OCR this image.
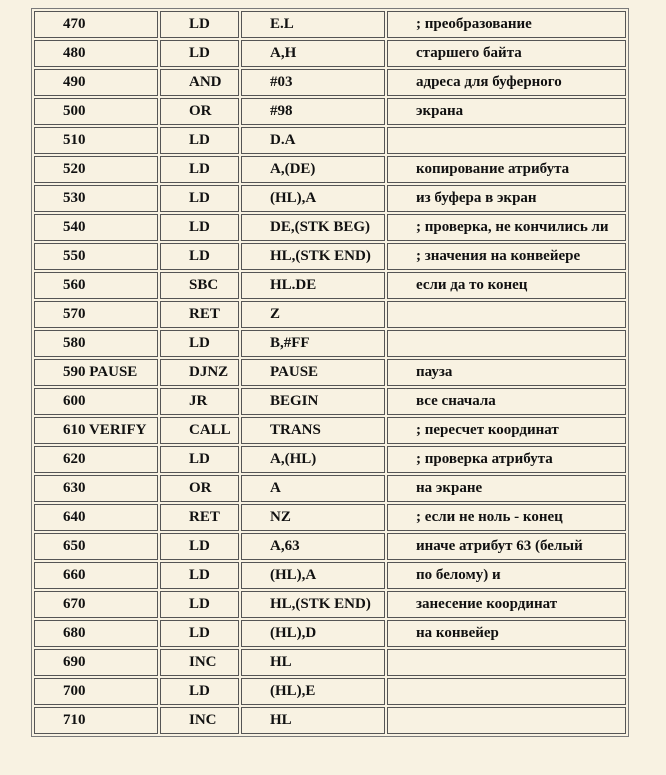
470	LD	E.L	; преобразование
480	LD	A,H	старшего байта
490	AND	#03	адреса для буферного
500	OR	#98	экрана
510	LD	D.A	
520	LD	A,(DE)	копирование атрибута
530	LD	(HL),A	из буфера в экран
540	LD	DE,(STK BEG)	; проверка, не кончились ли
550	LD	HL,(STK END)	; значения на конвейере
560	SBC	HL.DE	если да то конец
570	RET	Z	
580	LD	B,#FF	
590 PAUSE	DJNZ	PAUSE	пауза
600	JR	BEGIN	все сначала
610 VERIFY	CALL	TRANS	; пересчет координат
620	LD	A,(HL)	; проверка атрибута
630	OR	A	на экране
640	RET	NZ	; если не ноль - конец
650	LD	A,63	иначе атрибут 63 (белый
660	LD	(HL),A	по белому) и
670	LD	HL,(STK END)	занесение координат
680	LD	(HL),D	на конвейер
690	INC	HL	
700	LD	(HL),E	
710	INC	HL	
